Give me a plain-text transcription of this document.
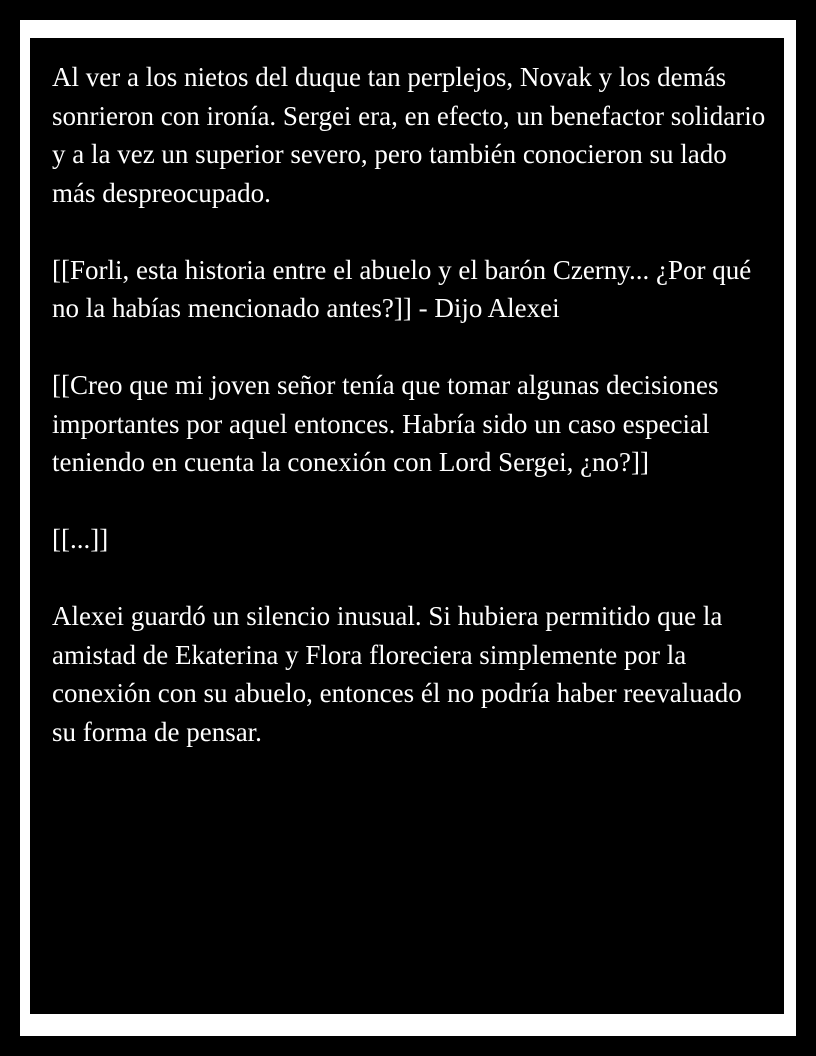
Al ver a los nietos del duque tan perplejos, Novak y los demás sonrieron con ironía. Sergei era, en efecto, un benefactor solidario y a la vez un superior severo, pero también conocieron su lado más despreocupado.

[[Forli, esta historia entre el abuelo y el barón Czerny... ¿Por qué no la habías mencionado antes?]] - Dijo Alexei

[[Creo que mi joven señor tenía que tomar algunas decisiones importantes por aquel entonces. Habría sido un caso especial teniendo en cuenta la conexión con Lord Sergei, ¿no?]]

[[...]]

Alexei guardó un silencio inusual. Si hubiera permitido que la amistad de Ekaterina y Flora floreciera simplemente por la conexión con su abuelo, entonces él no podría haber reevaluado su forma de pensar.
